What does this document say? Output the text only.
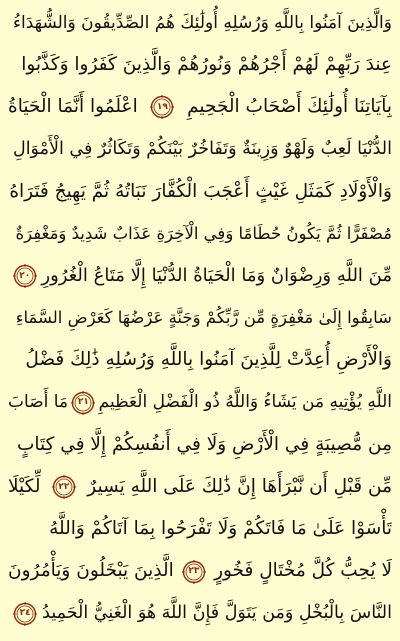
وَالَّذِينَ آمَنُوا بِاللَّهِ وَرُسُلِهِ أُولَٰئِكَ هُمُ الصِّدِّيقُونَ وَالشُّهَدَاءُ
عِندَ رَبِّهِمْ لَهُمْ أَجْرُهُمْ وَنُورُهُمْ وَالَّذِينَ كَفَرُوا وَكَذَّبُوا
بِآيَاتِنَا أُولَٰئِكَ أَصْحَابُ الْجَحِيمِ
١٩
اعْلَمُوا أَنَّمَا الْحَيَاةُ
الدُّنْيَا لَعِبٌ وَلَهْوٌ وَزِينَةٌ وَتَفَاخُرٌ بَيْنَكُمْ وَتَكَاثُرٌ فِي الْأَمْوَالِ
وَالْأَوْلَادِ كَمَثَلِ غَيْثٍ أَعْجَبَ الْكُفَّارَ نَبَاتُهُ ثُمَّ يَهِيجُ فَتَرَاهُ
مُصْفَرًّا ثُمَّ يَكُونُ حُطَامًا وَفِي الْآخِرَةِ عَذَابٌ شَدِيدٌ وَمَغْفِرَةٌ
مِّنَ اللَّهِ وَرِضْوَانٌ وَمَا الْحَيَاةُ الدُّنْيَا إِلَّا مَتَاعُ الْغُرُورِ
٢٠
سَابِقُوا إِلَىٰ مَغْفِرَةٍ مِّن رَّبِّكُمْ وَجَنَّةٍ عَرْضُهَا كَعَرْضِ السَّمَاءِ
وَالْأَرْضِ أُعِدَّتْ لِلَّذِينَ آمَنُوا بِاللَّهِ وَرُسُلِهِ ذَٰلِكَ فَضْلُ
اللَّهِ يُؤْتِيهِ مَن يَشَاءُ وَاللَّهُ ذُو الْفَضْلِ الْعَظِيمِ
٢١
مَا أَصَابَ
مِن مُّصِيبَةٍ فِي الْأَرْضِ وَلَا فِي أَنفُسِكُمْ إِلَّا فِي كِتَابٍ
مِّن قَبْلِ أَن نَّبْرَأَهَا إِنَّ ذَٰلِكَ عَلَى اللَّهِ يَسِيرٌ
٢٢
لِّكَيْلَا
تَأْسَوْا عَلَىٰ مَا فَاتَكُمْ وَلَا تَفْرَحُوا بِمَا آتَاكُمْ وَاللَّهُ
لَا يُحِبُّ كُلَّ مُخْتَالٍ فَخُورٍ
٢٣
الَّذِينَ يَبْخَلُونَ وَيَأْمُرُونَ
النَّاسَ بِالْبُخْلِ وَمَن يَتَوَلَّ فَإِنَّ اللَّهَ هُوَ الْغَنِيُّ الْحَمِيدُ
٢٤
